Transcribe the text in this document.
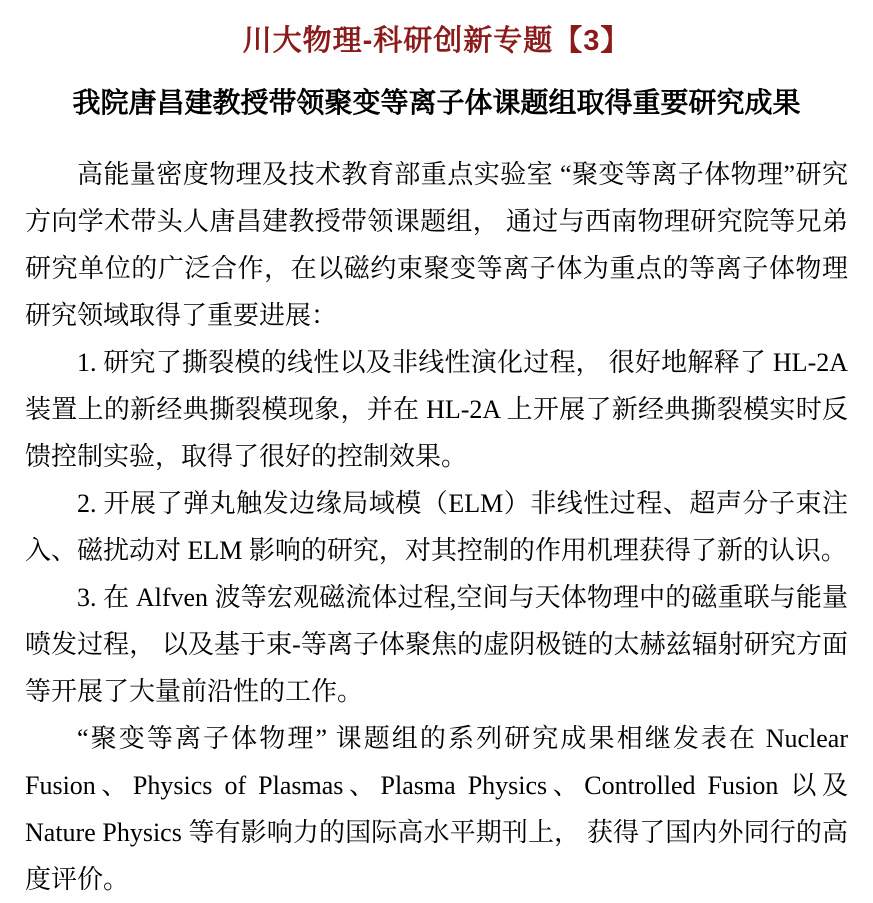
川大物理-科研创新专题【3】
我院唐昌建教授带领聚变等离子体课题组取得重要研究成果

高能量密度物理及技术教育部重点实验室 “聚变等离子体物理”研究方向学术带头人唐昌建教授带领课题组， 通过与西南物理研究院等兄弟研究单位的广泛合作，在以磁约束聚变等离子体为重点的等离子体物理研究领域取得了重要进展：

1. 研究了撕裂模的线性以及非线性演化过程， 很好地解释了 HL-2A 装置上的新经典撕裂模现象，并在 HL-2A 上开展了新经典撕裂模实时反馈控制实验，取得了很好的控制效果。

2. 开展了弹丸触发边缘局域模（ELM）非线性过程、超声分子束注入、磁扰动对 ELM 影响的研究，对其控制的作用机理获得了新的认识。

3. 在 Alfven 波等宏观磁流体过程,空间与天体物理中的磁重联与能量喷发过程， 以及基于束-等离子体聚焦的虚阴极链的太赫兹辐射研究方面等开展了大量前沿性的工作。

“聚变等离子体物理” 课题组的系列研究成果相继发表在 Nuclear Fusion、Physics of Plasmas、Plasma Physics、Controlled Fusion 以及 Nature Physics 等有影响力的国际高水平期刊上， 获得了国内外同行的高度评价。
